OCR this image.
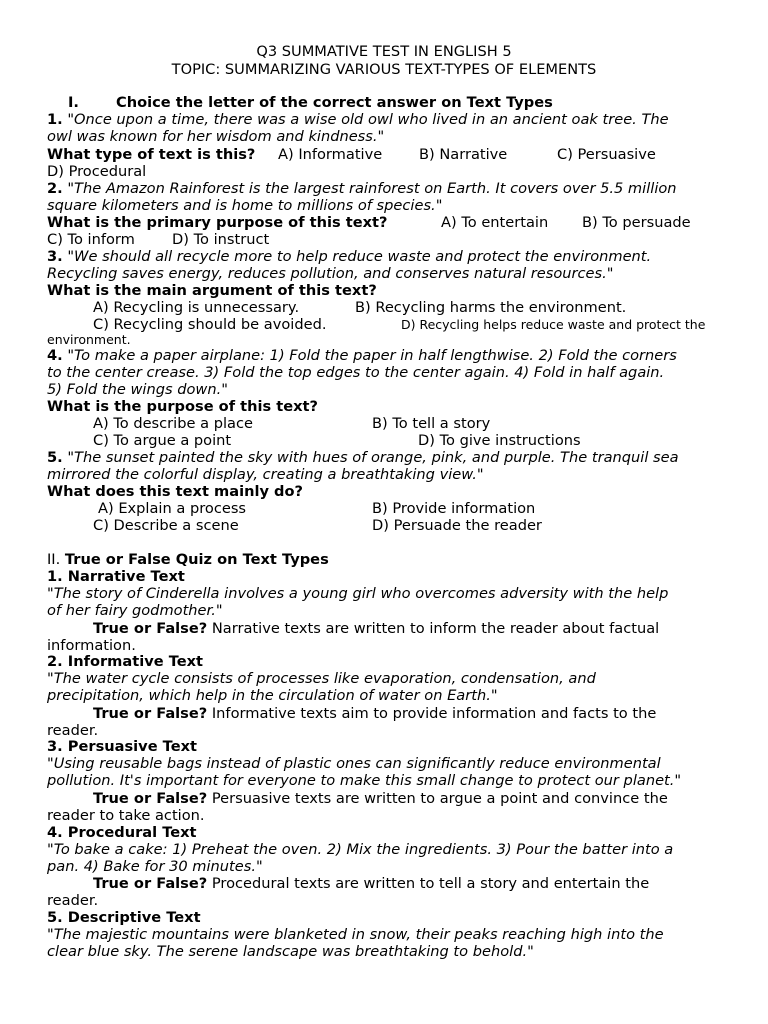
Q3 SUMMATIVE TEST IN ENGLISH 5
TOPIC: SUMMARIZING VARIOUS TEXT-TYPES OF ELEMENTS
I.	Choice the letter of the correct answer on Text Types
1. "Once upon a time, there was a wise old owl who lived in an ancient oak tree. The
owl was known for her wisdom and kindness."
What type of text is this? A) Informative	B) Narrative	C) Persuasive
D) Procedural
2. "The Amazon Rainforest is the largest rainforest on Earth. It covers over 5.5 million
square kilometers and is home to millions of species."
What is the primary purpose of this text?	A) To entertain B) To persuade
C) To inform	D) To instruct
3. "We should all recycle more to help reduce waste and protect the environment.
Recycling saves energy, reduces pollution, and conserves natural resources."
What is the main argument of this text?
A) Recycling is unnecessary.	B) Recycling harms the environment.
C) Recycling should be avoided.	D) Recycling helps reduce waste and protect the
environment.
4. "To make a paper airplane: 1) Fold the paper in half lengthwise. 2) Fold the corners
to the center crease. 3) Fold the top edges to the center again. 4) Fold in half again.
5) Fold the wings down."
What is the purpose of this text?
A) To describe a place	B) To tell a story
C) To argue a point	D) To give instructions
5. "The sunset painted the sky with hues of orange, pink, and purple. The tranquil sea
mirrored the colorful display, creating a breathtaking view."
What does this text mainly do?
A) Explain a process	B) Provide information
C) Describe a scene	D) Persuade the reader
II. True or False Quiz on Text Types
1. Narrative Text
"The story of Cinderella involves a young girl who overcomes adversity with the help
of her fairy godmother."
True or False? Narrative texts are written to inform the reader about factual
information.
2. Informative Text
"The water cycle consists of processes like evaporation, condensation, and
precipitation, which help in the circulation of water on Earth."
True or False? Informative texts aim to provide information and facts to the
reader.
3. Persuasive Text
"Using reusable bags instead of plastic ones can significantly reduce environmental
pollution. It's important for everyone to make this small change to protect our planet."
True or False? Persuasive texts are written to argue a point and convince the
reader to take action.
4. Procedural Text
"To bake a cake: 1) Preheat the oven. 2) Mix the ingredients. 3) Pour the batter into a
pan. 4) Bake for 30 minutes."
True or False? Procedural texts are written to tell a story and entertain the
reader.
5. Descriptive Text
"The majestic mountains were blanketed in snow, their peaks reaching high into the
clear blue sky. The serene landscape was breathtaking to behold."
